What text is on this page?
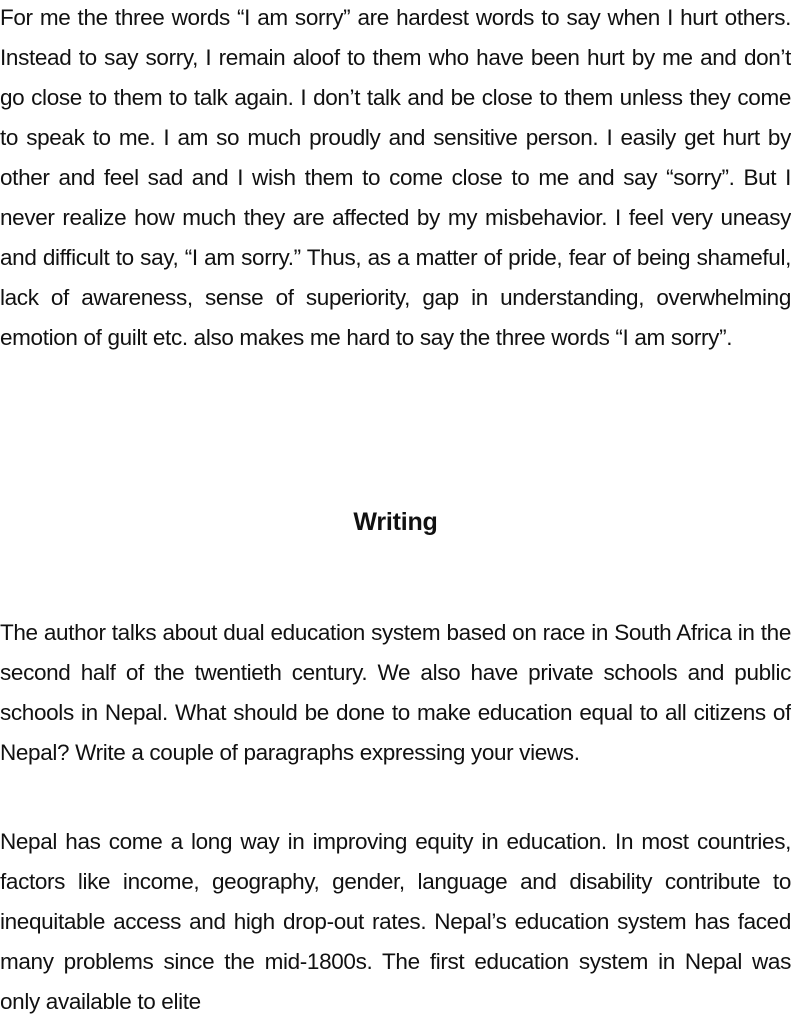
For me the three words “I am sorry” are hardest words to say when I hurt others. Instead to say sorry, I remain aloof to them who have been hurt by me and don’t go close to them to talk again. I don’t talk and be close to them unless they come to speak to me. I am so much proudly and sensitive person. I easily get hurt by other and feel sad and I wish them to come close to me and say “sorry”. But I never realize how much they are affected by my misbehavior. I feel very uneasy and difficult to say, “I am sorry.” Thus, as a matter of pride, fear of being shameful, lack of awareness, sense of superiority, gap in understanding, overwhelming emotion of guilt etc. also makes me hard to say the three words “I am sorry”.

Writing

The author talks about dual education system based on race in South Africa in the second half of the twentieth century. We also have private schools and public schools in Nepal. What should be done to make education equal to all citizens of Nepal? Write a couple of paragraphs expressing your views.

Nepal has come a long way in improving equity in education. In most countries, factors like income, geography, gender, language and disability contribute to inequitable access and high drop-out rates. Nepal’s education system has faced many problems since the mid-1800s. The first education system in Nepal was only available to elite
